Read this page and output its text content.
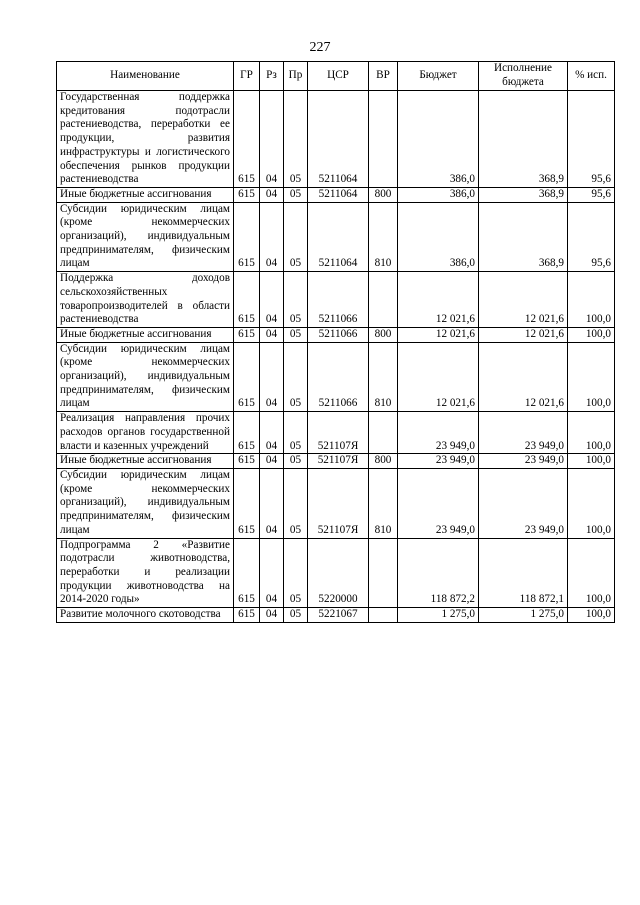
227
Наименование	ГР	Рз	Пр	ЦСР	ВР	Бюджет	Исполнение бюджета	% исп.
Государственная поддержка кредитования подотрасли растениеводства, переработки ее продукции, развития инфраструктуры и логистического обеспечения рынков продукции растениеводства	615	04	05	5211064		386,0	368,9	95,6
Иные бюджетные ассигнования	615	04	05	5211064	800	386,0	368,9	95,6
Субсидии юридическим лицам (кроме некоммерческих организаций), индивидуальным предпринимателям, физическим лицам	615	04	05	5211064	810	386,0	368,9	95,6
Поддержка доходов сельскохозяйственных товаропроизводителей в области растениеводства	615	04	05	5211066		12 021,6	12 021,6	100,0
Иные бюджетные ассигнования	615	04	05	5211066	800	12 021,6	12 021,6	100,0
Субсидии юридическим лицам (кроме некоммерческих организаций), индивидуальным предпринимателям, физическим лицам	615	04	05	5211066	810	12 021,6	12 021,6	100,0
Реализация направления прочих расходов органов государственной власти и казенных учреждений	615	04	05	521107Я		23 949,0	23 949,0	100,0
Иные бюджетные ассигнования	615	04	05	521107Я	800	23 949,0	23 949,0	100,0
Субсидии юридическим лицам (кроме некоммерческих организаций), индивидуальным предпринимателям, физическим лицам	615	04	05	521107Я	810	23 949,0	23 949,0	100,0
Подпрограмма 2 «Развитие подотрасли животноводства, переработки и реализации продукции животноводства на 2014-2020 годы»	615	04	05	5220000		118 872,2	118 872,1	100,0
Развитие молочного скотоводства	615	04	05	5221067		1 275,0	1 275,0	100,0
